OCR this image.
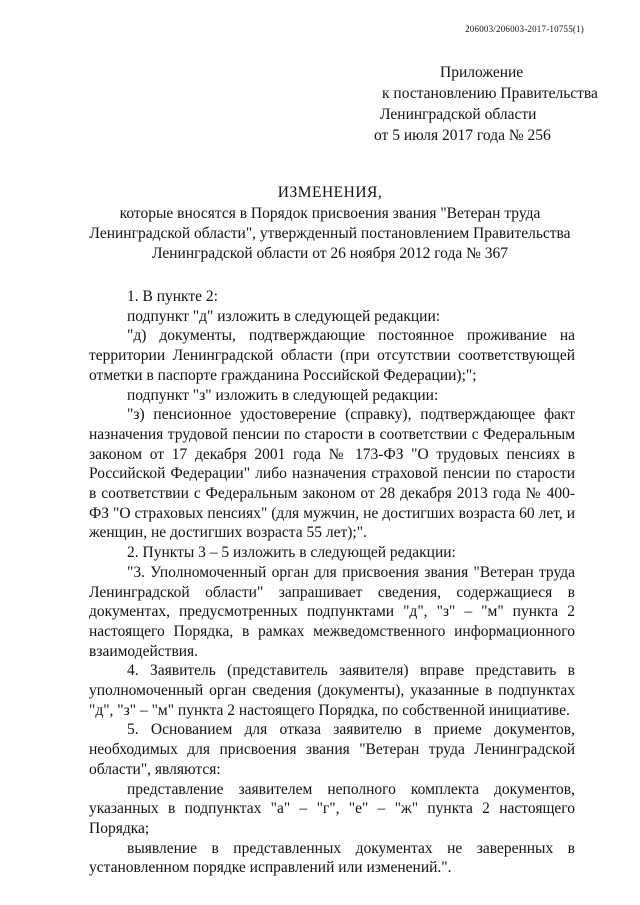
206003/206003-2017-10755(1)
Приложение
к постановлению Правительства
Ленинградской области
от 5 июля 2017 года № 256
ИЗМЕНЕНИЯ,
которые вносятся в Порядок присвоения звания "Ветеран труда
Ленинградской области", утвержденный постановлением Правительства
Ленинградской области от 26 ноября 2012 года № 367

1. В пункте 2:

подпункт "д" изложить в следующей редакции:

"д) документы, подтверждающие постоянное проживание на территории Ленинградской области (при отсутствии соответствующей отметки в паспорте гражданина Российской Федерации);";

подпункт "з" изложить в следующей редакции:

"з) пенсионное удостоверение (справку), подтверждающее факт назначения трудовой пенсии по старости в соответствии с Федеральным законом от 17 декабря 2001 года № 173-ФЗ "О трудовых пенсиях в Российской Федерации" либо назначения страховой пенсии по старости в соответствии с Федеральным законом от 28 декабря 2013 года № 400-ФЗ "О страховых пенсиях" (для мужчин, не достигших возраста 60 лет, и женщин, не достигших возраста 55 лет);".

2. Пункты 3 – 5 изложить в следующей редакции:

"3. Уполномоченный орган для присвоения звания "Ветеран труда Ленинградской области" запрашивает сведения, содержащиеся в документах, предусмотренных подпунктами "д", "з" – "м" пункта 2 настоящего Порядка, в рамках межведомственного информационного взаимодействия.

4. Заявитель (представитель заявителя) вправе представить в уполномоченный орган сведения (документы), указанные в подпунктах "д", "з" – "м" пункта 2 настоящего Порядка, по собственной инициативе.

5. Основанием для отказа заявителю в приеме документов, необходимых для присвоения звания "Ветеран труда Ленинградской области", являются:

представление заявителем неполного комплекта документов, указанных в подпунктах "а" – "г", "е" – "ж" пункта 2 настоящего Порядка;

выявление в представленных документах не заверенных в установленном порядке исправлений или изменений.".
